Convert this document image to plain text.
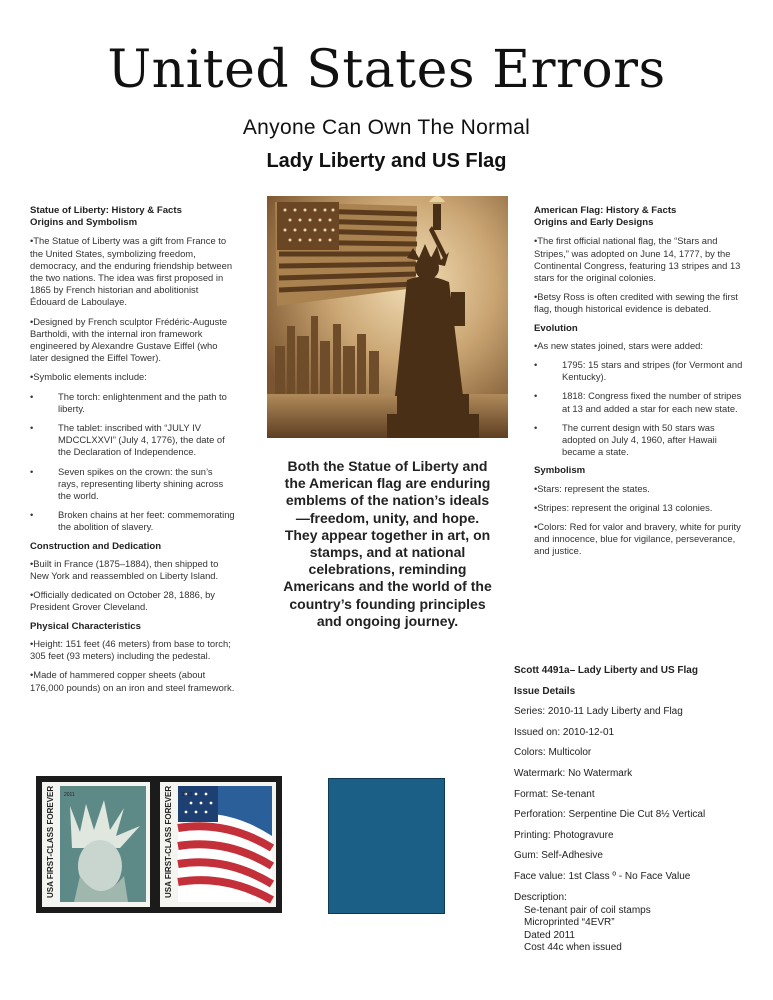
United States Errors
Anyone Can Own The Normal
Lady Liberty and US Flag
Statue of Liberty: History & Facts
Origins and Symbolism

•The Statue of Liberty was a gift from France to the United States, symbolizing freedom, democracy, and the enduring friendship between the two nations. The idea was first proposed in 1865 by French historian and abolitionist Édouard de Laboulaye.

•Designed by French sculptor Frédéric-Auguste Bartholdi, with the internal iron framework engineered by Alexandre Gustave Eiffel (who later designed the Eiffel Tower).

•Symbolic elements include:

•	The torch: enlightenment and the path to liberty.
•	The tablet: inscribed with “JULY IV MDCCLXXVI” (July 4, 1776), the date of the Declaration of Independence.
•	Seven spikes on the crown: the sun’s rays, representing liberty shining across the world.
•	Broken chains at her feet: commemorating the abolition of slavery.
Construction and Dedication

•Built in France (1875–1884), then shipped to New York and reassembled on Liberty Island.

•Officially dedicated on October 28, 1886, by President Grover Cleveland.

Physical Characteristics

•Height: 151 feet (46 meters) from base to torch; 305 feet (93 meters) including the pedestal.

•Made of hammered copper sheets (about 176,000 pounds) on an iron and steel framework.

Both the Statue of Liberty and the American flag are enduring emblems of the nation’s ideals—freedom, unity, and hope. They appear together in art, on stamps, and at national celebrations, reminding Americans and the world of the country’s founding principles and ongoing journey.
American Flag: History & Facts
Origins and Early Designs

•The first official national flag, the “Stars and Stripes,” was adopted on June 14, 1777, by the Continental Congress, featuring 13 stripes and 13 stars for the original colonies.

•Betsy Ross is often credited with sewing the first flag, though historical evidence is debated.

Evolution

•As new states joined, stars were added:

•	1795: 15 stars and stripes (for Vermont and Kentucky).
•	1818: Congress fixed the number of stripes at 13 and added a star for each new state.
•	The current design with 50 stars was adopted on July 4, 1960, after Hawaii became a state.
Symbolism

•Stars: represent the states.

•Stripes: represent the original 13 colonies.

•Colors: Red for valor and bravery, white for purity and innocence, blue for vigilance, perseverance, and justice.

Scott 4491a– Lady Liberty and US Flag
Issue Details
Series: 2010-11 Lady Liberty and Flag
Issued on: 2010-12-01
Colors: Multicolor
Watermark: No Watermark
Format: Se-tenant
Perforation: Serpentine Die Cut 8½ Vertical
Printing: Photogravure
Gum: Self-Adhesive
Face value: 1st Class º - No Face Value
Description:
Se-tenant pair of coil stamps
Microprinted “4EVR”
Dated 2011
Cost 44c when issued
USA FIRST-CLASS FOREVER 2011	USA FIRST-CLASS FOREVER 2011
